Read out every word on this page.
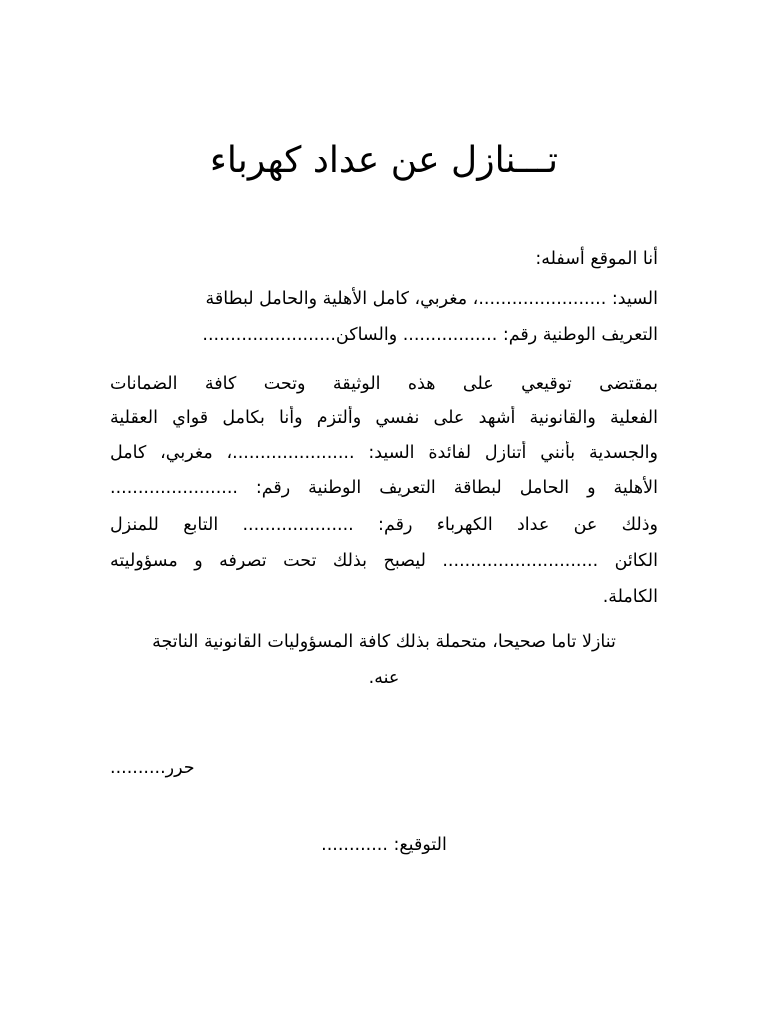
تـــنازل عن عداد كهرباء
أنا الموقع أسفله:
السيد: .......................، مغربي، كامل الأهلية والحامل لبطاقة
التعريف الوطنية رقم: ................. والساكن........................
بمقتضى توقيعي على هذه الوثيقة وتحت كافة الضمانات
الفعلية والقانونية أشهد على نفسي وألتزم وأنا بكامل قواي العقلية
والجسدية بأنني أتنازل لفائدة السيد: ......................، مغربي، كامل
الأهلية و الحامل لبطاقة التعريف الوطنية رقم: .......................
وذلك عن عداد الكهرباء رقم: .................... التابع للمنزل
الكائن ............................ ليصبح بذلك تحت تصرفه و مسؤوليته
الكاملة.
تنازلا تاما صحيحا، متحملة بذلك كافة المسؤوليات القانونية الناتجة
عنه.
حرر..........
التوقيع: ............
